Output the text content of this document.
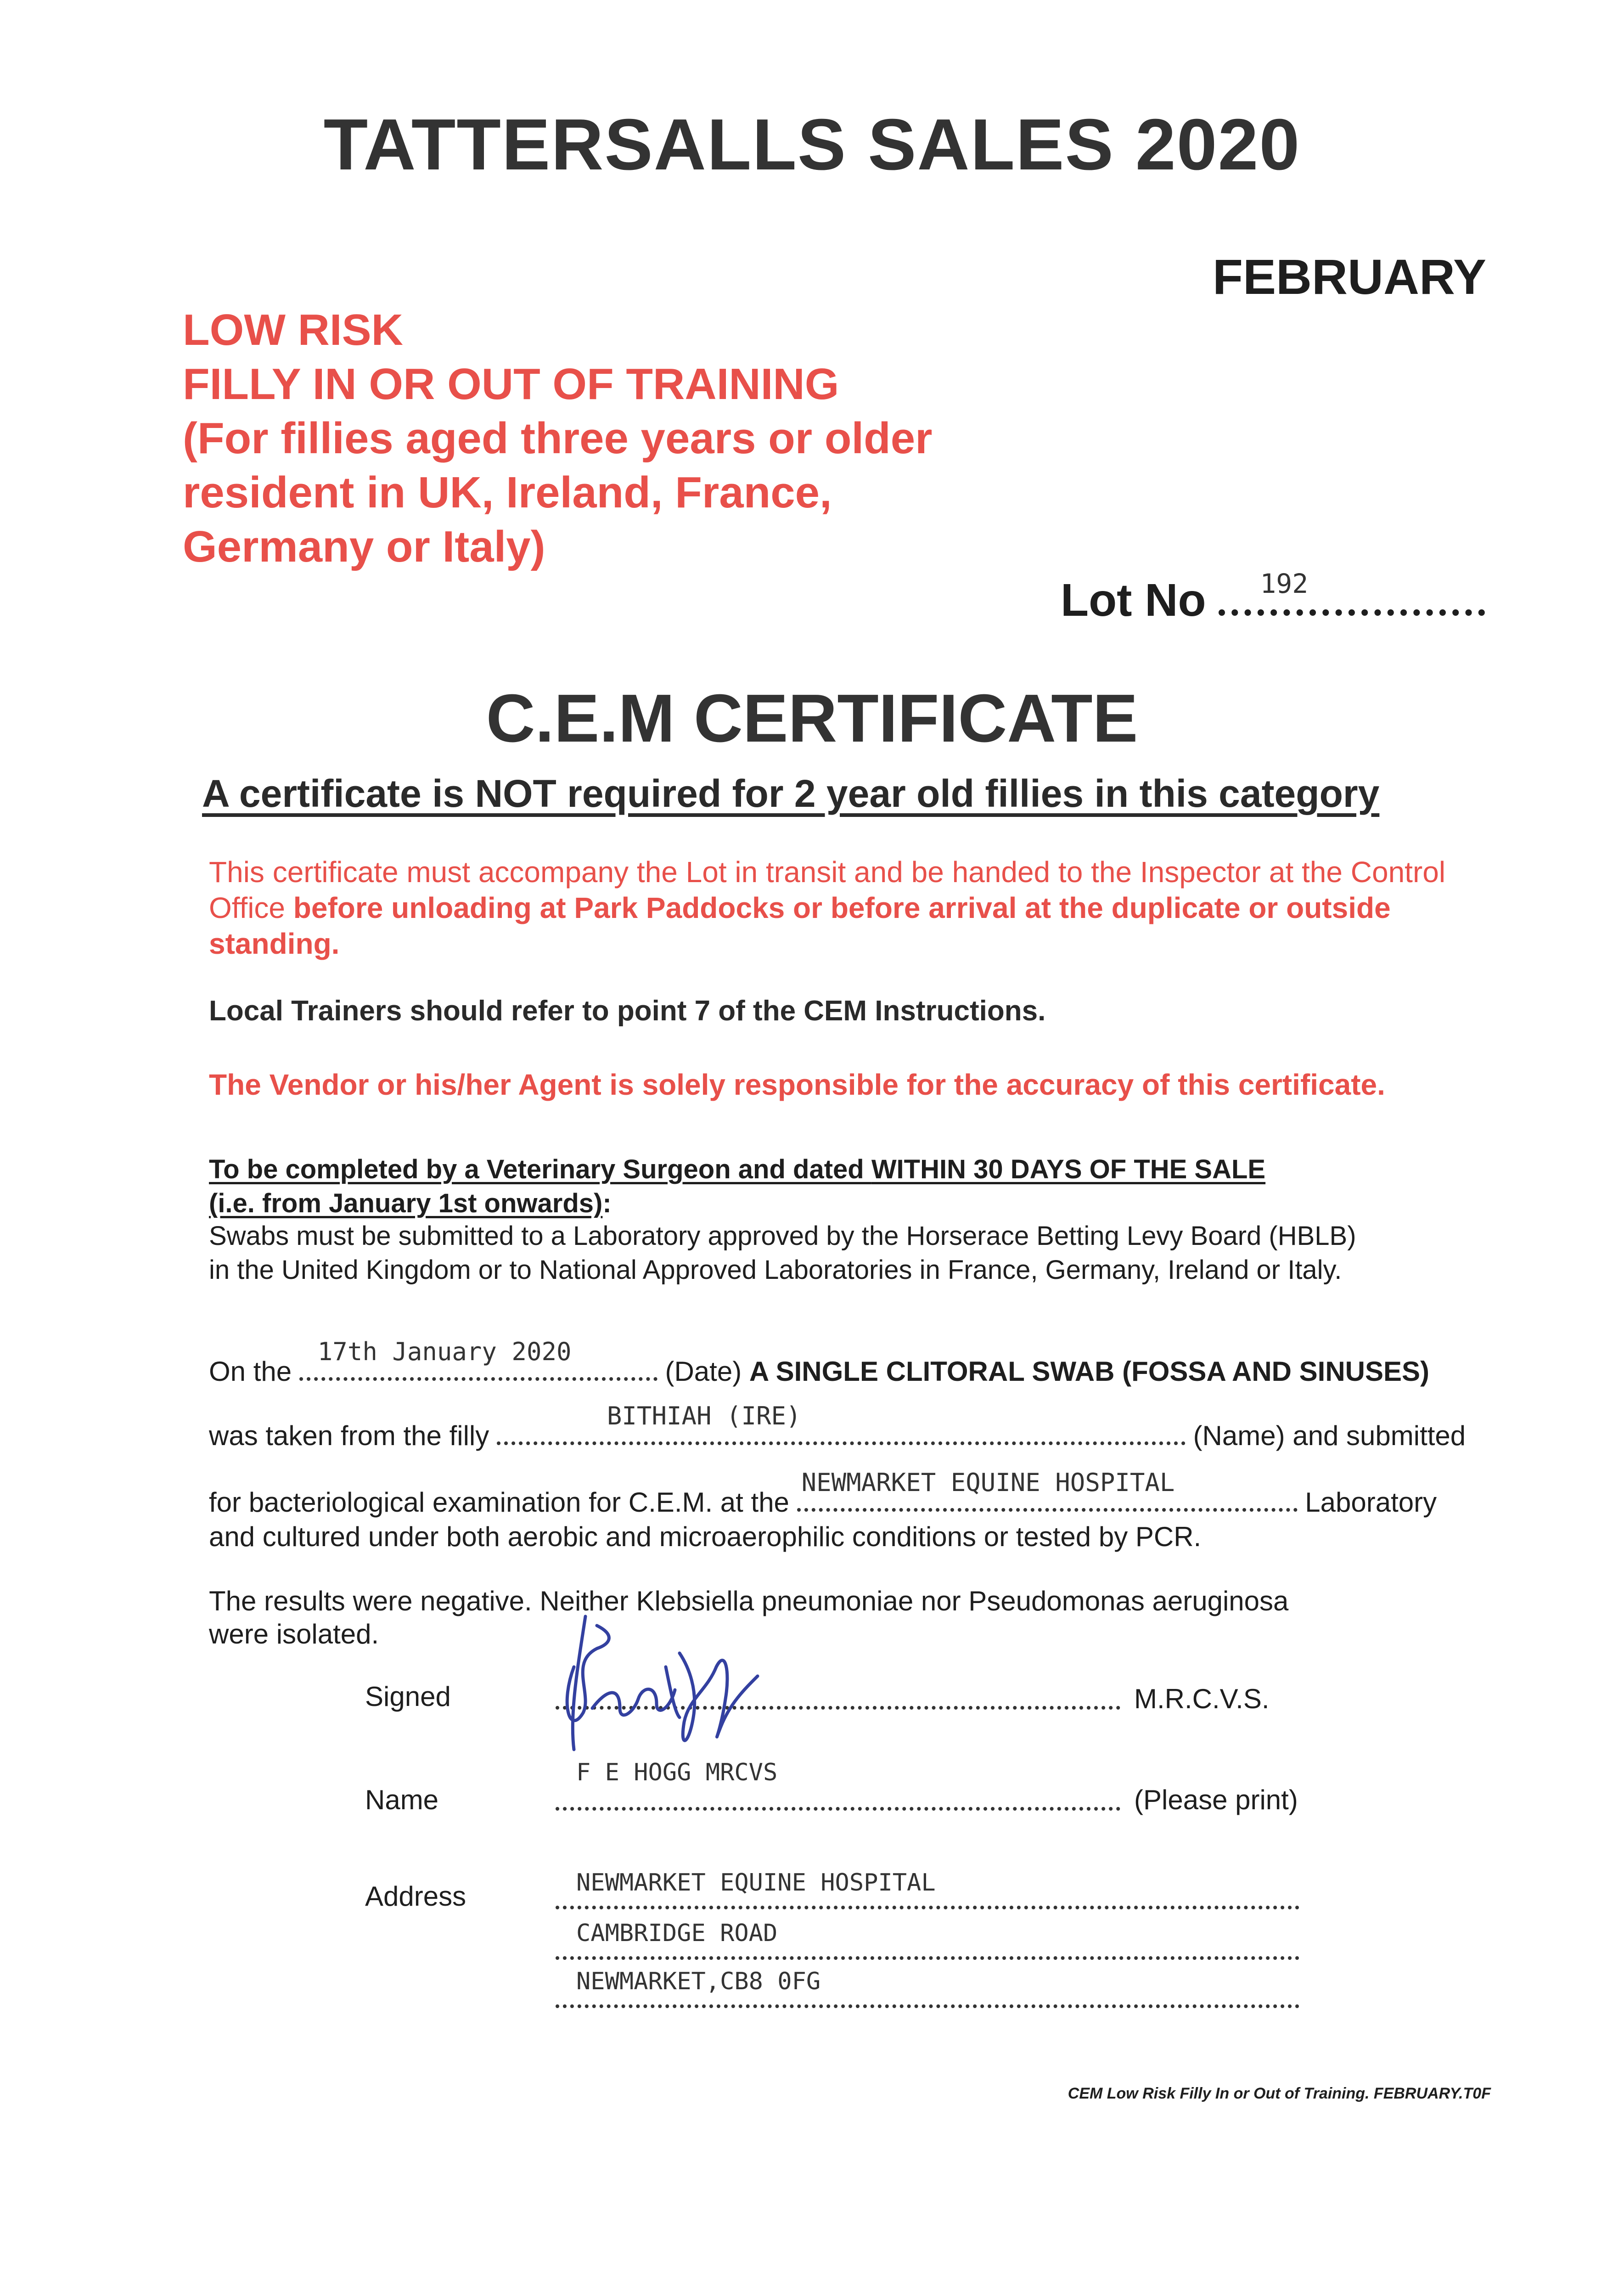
TATTERSALLS SALES 2020
FEBRUARY
LOW RISK
FILLY IN OR OUT OF TRAINING
(For fillies aged three years or older
resident in UK, Ireland, France,
Germany or Italy)
Lot No 192
C.E.M CERTIFICATE
A certificate is NOT required for 2 year old fillies in this category
This certificate must accompany the Lot in transit and be handed to the Inspector at the Control Office before unloading at Park Paddocks or before arrival at the duplicate or outside standing.
Local Trainers should refer to point 7 of the CEM Instructions.
The Vendor or his/her Agent is solely responsible for the accuracy of this certificate.
To be completed by a Veterinary Surgeon and dated WITHIN 30 DAYS OF THE SALE
(i.e. from January 1st onwards):
Swabs must be submitted to a Laboratory approved by the Horserace Betting Levy Board (HBLB)
in the United Kingdom or to National Approved Laboratories in France, Germany, Ireland or Italy.
On the
17th January 2020
(Date) A SINGLE CLITORAL SWAB (FOSSA AND SINUSES)
was taken from the filly
BITHIAH (IRE)
(Name) and submitted
for bacteriological examination for C.E.M. at the
NEWMARKET EQUINE HOSPITAL
Laboratory
and cultured under both aerobic and microaerophilic conditions or tested by PCR.
The results were negative. Neither Klebsiella pneumoniae nor Pseudomonas aeruginosa
were isolated.
Signed	M.R.C.V.S.
Name
F E HOGG MRCVS
(Please print)
Address	NEWMARKET EQUINE HOSPITAL
CAMBRIDGE ROAD
NEWMARKET,CB8 0FG
CEM Low Risk Filly In or Out of Training. FEBRUARY.T0F
